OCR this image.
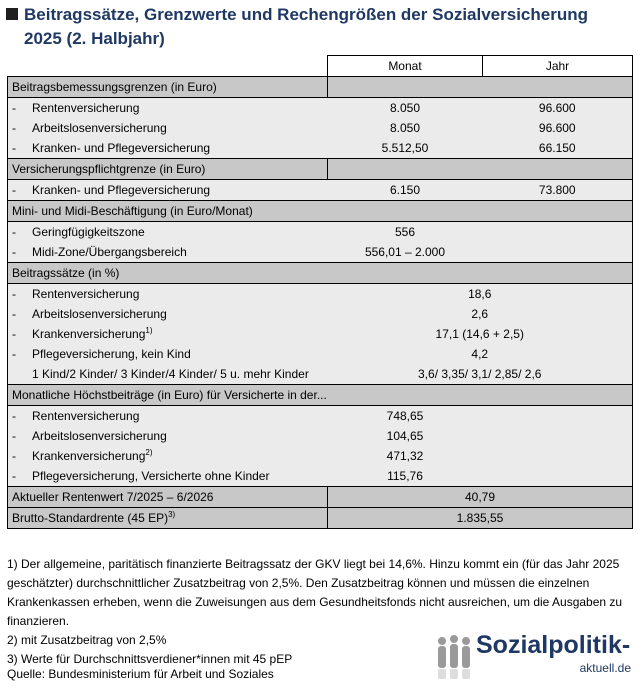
Beitragssätze, Grenzwerte und Rechengrößen der Sozialversicherung
2025 (2. Halbjahr)
	Monat	Jahr
Beitragsbemessungsgrenzen (in Euro)		
- Rentenversicherung	8.050	96.600
- Arbeitslosenversicherung	8.050	96.600
- Kranken- und Pflegeversicherung	5.512,50	66.150
Versicherungspflichtgrenze (in Euro)		
- Kranken- und Pflegeversicherung	6.150	73.800
Mini- und Midi-Beschäftigung (in Euro/Monat)		
- Geringfügigkeitszone	556	
- Midi-Zone/Übergangsbereich	556,01 – 2.000	
Beitragssätze (in %)		
- Rentenversicherung	18,6	
- Arbeitslosenversicherung	2,6	
- Krankenversicherung$^{1)}$	17,1 (14,6 + 2,5)	
- Pflegeversicherung, kein Kind	4,2	
1 Kind/2 Kinder/ 3 Kinder/4 Kinder/ 5 u. mehr Kinder	3,6/ 3,35/ 3,1/ 2,85/ 2,6	
Monatliche Höchstbeiträge (in Euro) für Versicherte in der...		
- Rentenversicherung	748,65	
- Arbeitslosenversicherung	104,65	
- Krankenversicherung$^{2)}$	471,32	
- Pflegeversicherung, Versicherte ohne Kinder	115,76	
Aktueller Rentenwert 7/2025 – 6/2026	40,79	
Brutto-Standardrente (45 EP)$^{3)}$	1.835,55	

1) Der allgemeine, paritätisch finanzierte Beitragssatz der GKV liegt bei 14,6%. Hinzu kommt ein (für das Jahr 2025 geschätzter) durchschnittlicher Zusatzbeitrag von 2,5%. Den Zusatzbeitrag können und müssen die einzelnen Krankenkassen erheben, wenn die Zuweisungen aus dem Gesundheitsfonds nicht ausreichen, um die Ausgaben zu finanzieren.

2) mit Zusatzbeitrag von 2,5%

3) Werte für Durchschnittsverdiener*innen mit 45 pEP

Quelle: Bundesministerium für Arbeit und Soziales
Sozialpolitik-
aktuell.de
